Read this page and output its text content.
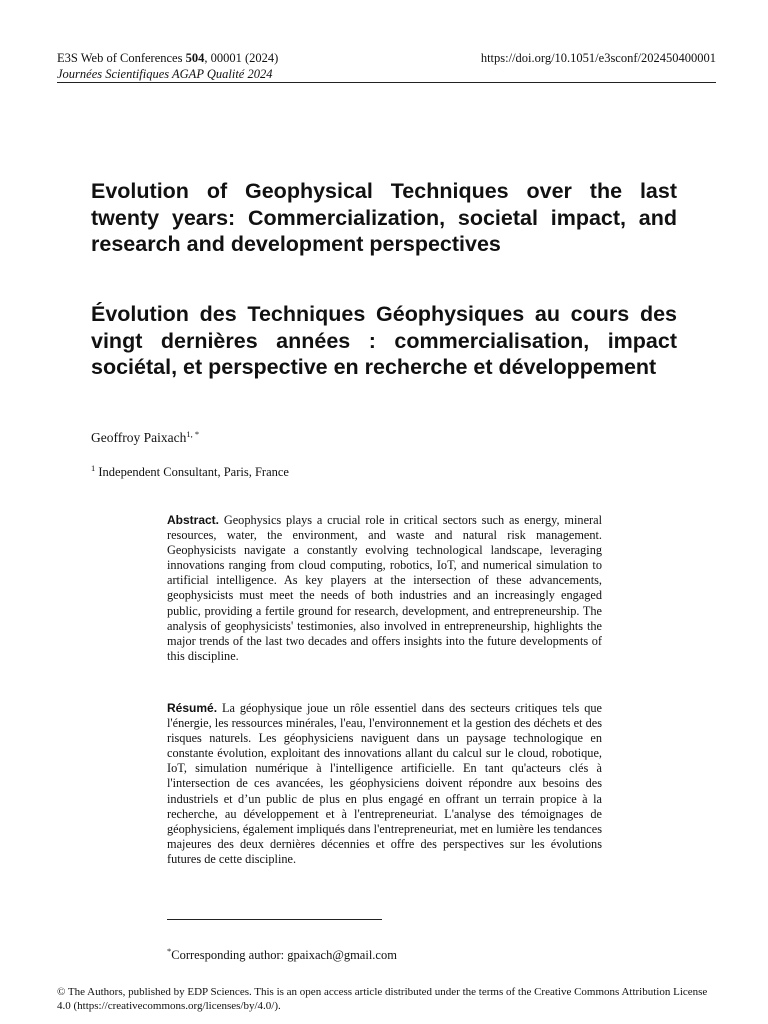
E3S Web of Conferences 504, 00001 (2024)
Journées Scientifiques AGAP Qualité 2024
https://doi.org/10.1051/e3sconf/202450400001
Evolution of Geophysical Techniques over the last twenty years: Commercialization, societal impact, and research and development perspectives
Évolution des Techniques Géophysiques au cours des vingt dernières années : commercialisation, impact sociétal, et perspective en recherche et développement
Geoffroy Paixach$^{1, *}$
$^1$ Independent Consultant, Paris, France

Abstract. Geophysics plays a crucial role in critical sectors such as energy, mineral resources, water, the environment, and waste and natural risk management. Geophysicists navigate a constantly evolving technological landscape, leveraging innovations ranging from cloud computing, robotics, IoT, and numerical simulation to artificial intelligence. As key players at the intersection of these advancements, geophysicists must meet the needs of both industries and an increasingly engaged public, providing a fertile ground for research, development, and entrepreneurship. The analysis of geophysicists' testimonies, also involved in entrepreneurship, highlights the major trends of the last two decades and offers insights into the future developments of this discipline.

Résumé. La géophysique joue un rôle essentiel dans des secteurs critiques tels que l'énergie, les ressources minérales, l'eau, l'environnement et la gestion des déchets et des risques naturels. Les géophysiciens naviguent dans un paysage technologique en constante évolution, exploitant des innovations allant du calcul sur le cloud, robotique, IoT, simulation numérique à l'intelligence artificielle. En tant qu'acteurs clés à l'intersection de ces avancées, les géophysiciens doivent répondre aux besoins des industriels et d’un public de plus en plus engagé en offrant un terrain propice à la recherche, au développement et à l'entrepreneuriat. L'analyse des témoignages de géophysiciens, également impliqués dans l'entrepreneuriat, met en lumière les tendances majeures des deux dernières décennies et offre des perspectives sur les évolutions futures de cette discipline.

*Corresponding author: gpaixach@gmail.com
© The Authors, published by EDP Sciences. This is an open access article distributed under the terms of the Creative Commons Attribution License 4.0 (https://creativecommons.org/licenses/by/4.0/).
